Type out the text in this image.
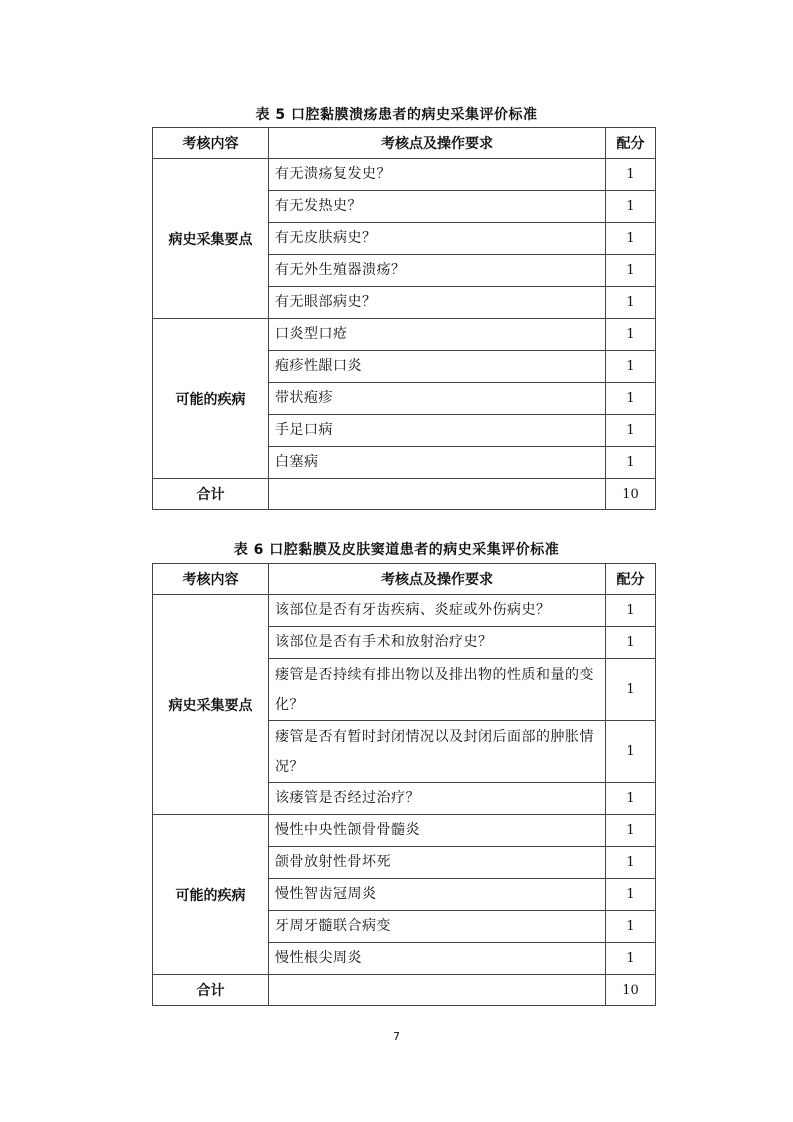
表 5 口腔黏膜溃疡患者的病史采集评价标准
考核内容	考核点及操作要求	配分
病史采集要点	有无溃疡复发史？	1
	有无发热史？	1
	有无皮肤病史？	1
	有无外生殖器溃疡？	1
	有无眼部病史？	1
可能的疾病	口炎型口疮	1
	疱疹性龈口炎	1
	带状疱疹	1
	手足口病	1
	白塞病	1
合计		10
表 6 口腔黏膜及皮肤窦道患者的病史采集评价标准
考核内容	考核点及操作要求	配分
病史采集要点	该部位是否有牙齿疾病、炎症或外伤病史？	1
	该部位是否有手术和放射治疗史？	1
	瘘管是否持续有排出物以及排出物的性质和量的变化？	1
	瘘管是否有暂时封闭情况以及封闭后面部的肿胀情况？	1
	该瘘管是否经过治疗？	1
可能的疾病	慢性中央性颌骨骨髓炎	1
	颌骨放射性骨坏死	1
	慢性智齿冠周炎	1
	牙周牙髓联合病变	1
	慢性根尖周炎	1
合计		10
7
